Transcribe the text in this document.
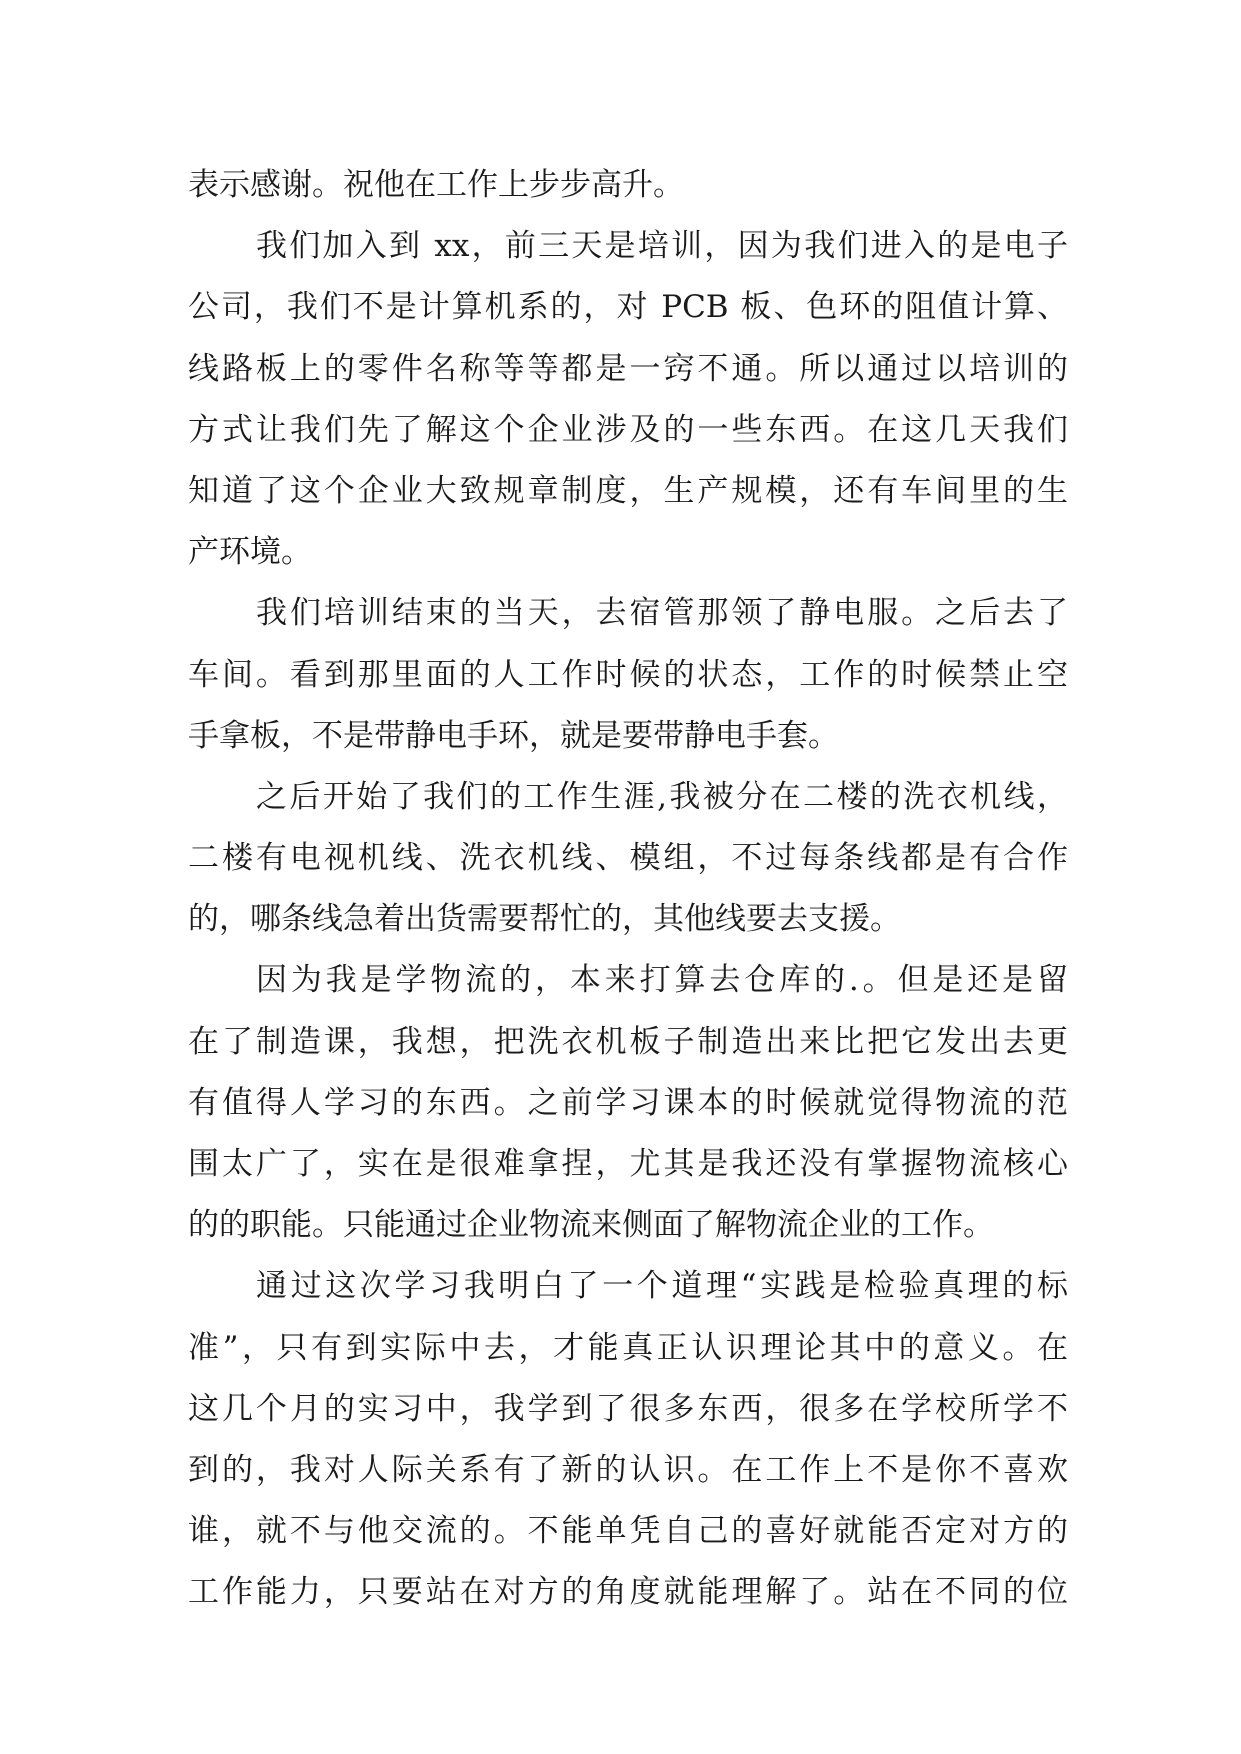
表示感谢。祝他在工作上步步高升。
我们加入到 xx，前三天是培训，因为我们进入的是电子
公司，我们不是计算机系的，对 PCB 板、色环的阻值计算、
线路板上的零件名称等等都是一窍不通。所以通过以培训的
方式让我们先了解这个企业涉及的一些东西。在这几天我们
知道了这个企业大致规章制度，生产规模，还有车间里的生
产环境。
我们培训结束的当天，去宿管那领了静电服。之后去了
车间。看到那里面的人工作时候的状态，工作的时候禁止空
手拿板，不是带静电手环，就是要带静电手套。
之后开始了我们的工作生涯,我被分在二楼的洗衣机线，
二楼有电视机线、洗衣机线、模组，不过每条线都是有合作
的，哪条线急着出货需要帮忙的，其他线要去支援。
因为我是学物流的，本来打算去仓库的.。但是还是留
在了制造课，我想，把洗衣机板子制造出来比把它发出去更
有值得人学习的东西。之前学习课本的时候就觉得物流的范
围太广了，实在是很难拿捏，尤其是我还没有掌握物流核心
的的职能。只能通过企业物流来侧面了解物流企业的工作。
通过这次学习我明白了一个道理“实践是检验真理的标
准”，只有到实际中去，才能真正认识理论其中的意义。在
这几个月的实习中，我学到了很多东西，很多在学校所学不
到的，我对人际关系有了新的认识。在工作上不是你不喜欢
谁，就不与他交流的。不能单凭自己的喜好就能否定对方的
工作能力，只要站在对方的角度就能理解了。站在不同的位
